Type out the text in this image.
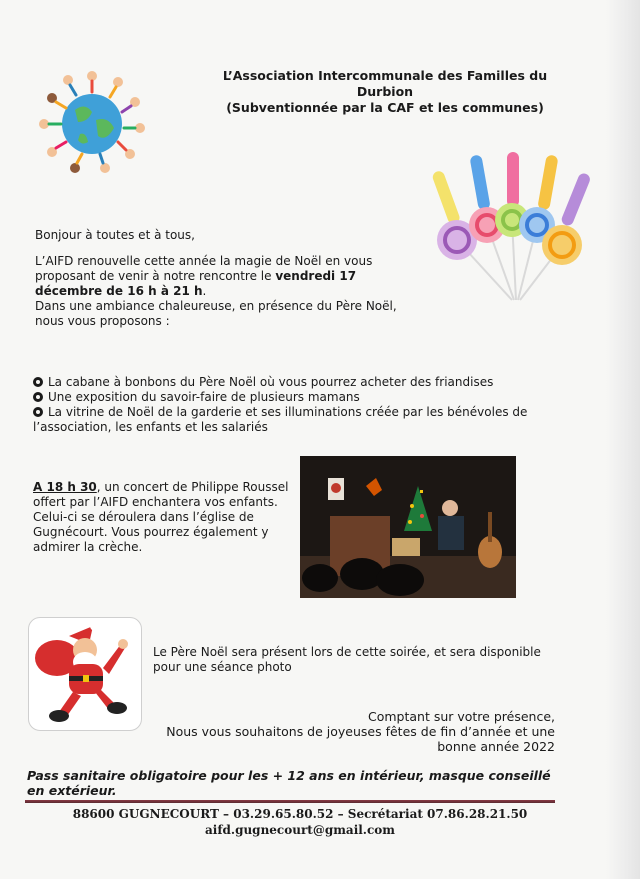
L’Association Intercommunale des Familles du
Durbion
(Subventionnée par la CAF et les communes)
Bonjour à toutes et à tous,
L’AIFD renouvelle cette année la magie de Noël en vous proposant de venir à notre rencontre le vendredi 17 décembre de 16 h à 21 h.
Dans une ambiance chaleureuse, en présence du Père Noël, nous vous proposons :
La cabane à bonbons du Père Noël où vous pourrez acheter des friandises
Une exposition du savoir-faire de plusieurs mamans
La vitrine de Noël de la garderie et ses illuminations créée par les bénévoles de l’association, les enfants et les salariés
A 18 h 30, un concert de Philippe Roussel offert par l’AIFD enchantera vos enfants. Celui-ci se déroulera dans l’église de Gugnécourt. Vous pourrez également y admirer la crèche.
Le Père Noël sera présent lors de cette soirée, et sera disponible pour une séance photo
Comptant sur votre présence,
Nous vous souhaitons de joyeuses fêtes de fin d’année et une
bonne année 2022
Pass sanitaire obligatoire pour les + 12 ans en intérieur, masque conseillé en extérieur.
88600 GUGNECOURT – 03.29.65.80.52 – Secrétariat 07.86.28.21.50
aifd.gugnecourt@gmail.com
